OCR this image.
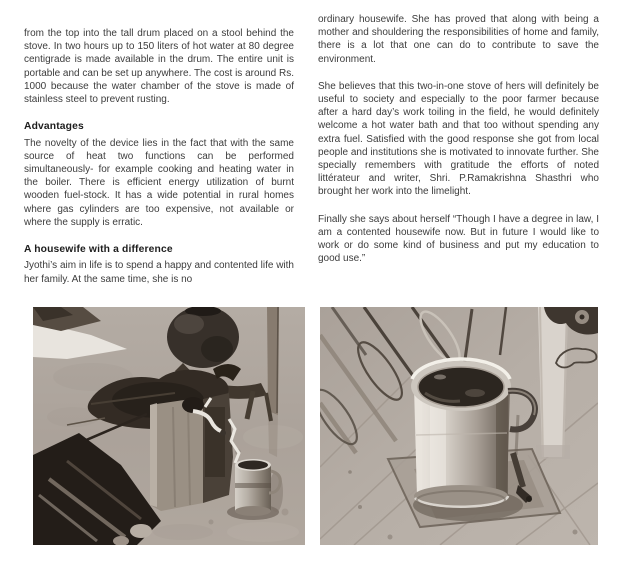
from the top into the tall drum placed on a stool behind the stove. In two hours up to 150 liters of hot water at 80 degree centigrade is made available in the drum. The entire unit is portable and can be set up anywhere. The cost is around Rs. 1000 because the water chamber of the stove is made of stainless steel to prevent rusting.

Advantages

The novelty of the device lies in the fact that with the same source of heat two functions can be performed simultaneously- for example cooking and heating water in the boiler. There is efficient energy utilization of burnt wooden fuel-stock. It has a wide potential in rural homes where gas cylinders are too expensive, not available or where the supply is erratic.

A housewife with a difference

Jyothi’s aim in life is to spend a happy and contented life with her family. At the same time, she is no

ordinary housewife. She has proved that along with being a mother and shouldering the responsibilities of home and family, there is a lot that one can do to contribute to save the environment.

She believes that this two-in-one stove of hers will definitely be useful to society and especially to the poor farmer because after a hard day’s work toiling in the field, he would definitely welcome a hot water bath and that too without spending any extra fuel. Satisfied with the good response she got from local people and institutions she is motivated to innovate further. She specially remembers with gratitude the efforts of noted littérateur and writer, Shri. P.Ramakrishna Shasthri who brought her work into the limelight.

Finally she says about herself “Though I have a degree in law, I am a contented housewife now. But in future I would like to work or do some kind of business and put my education to good use.”
